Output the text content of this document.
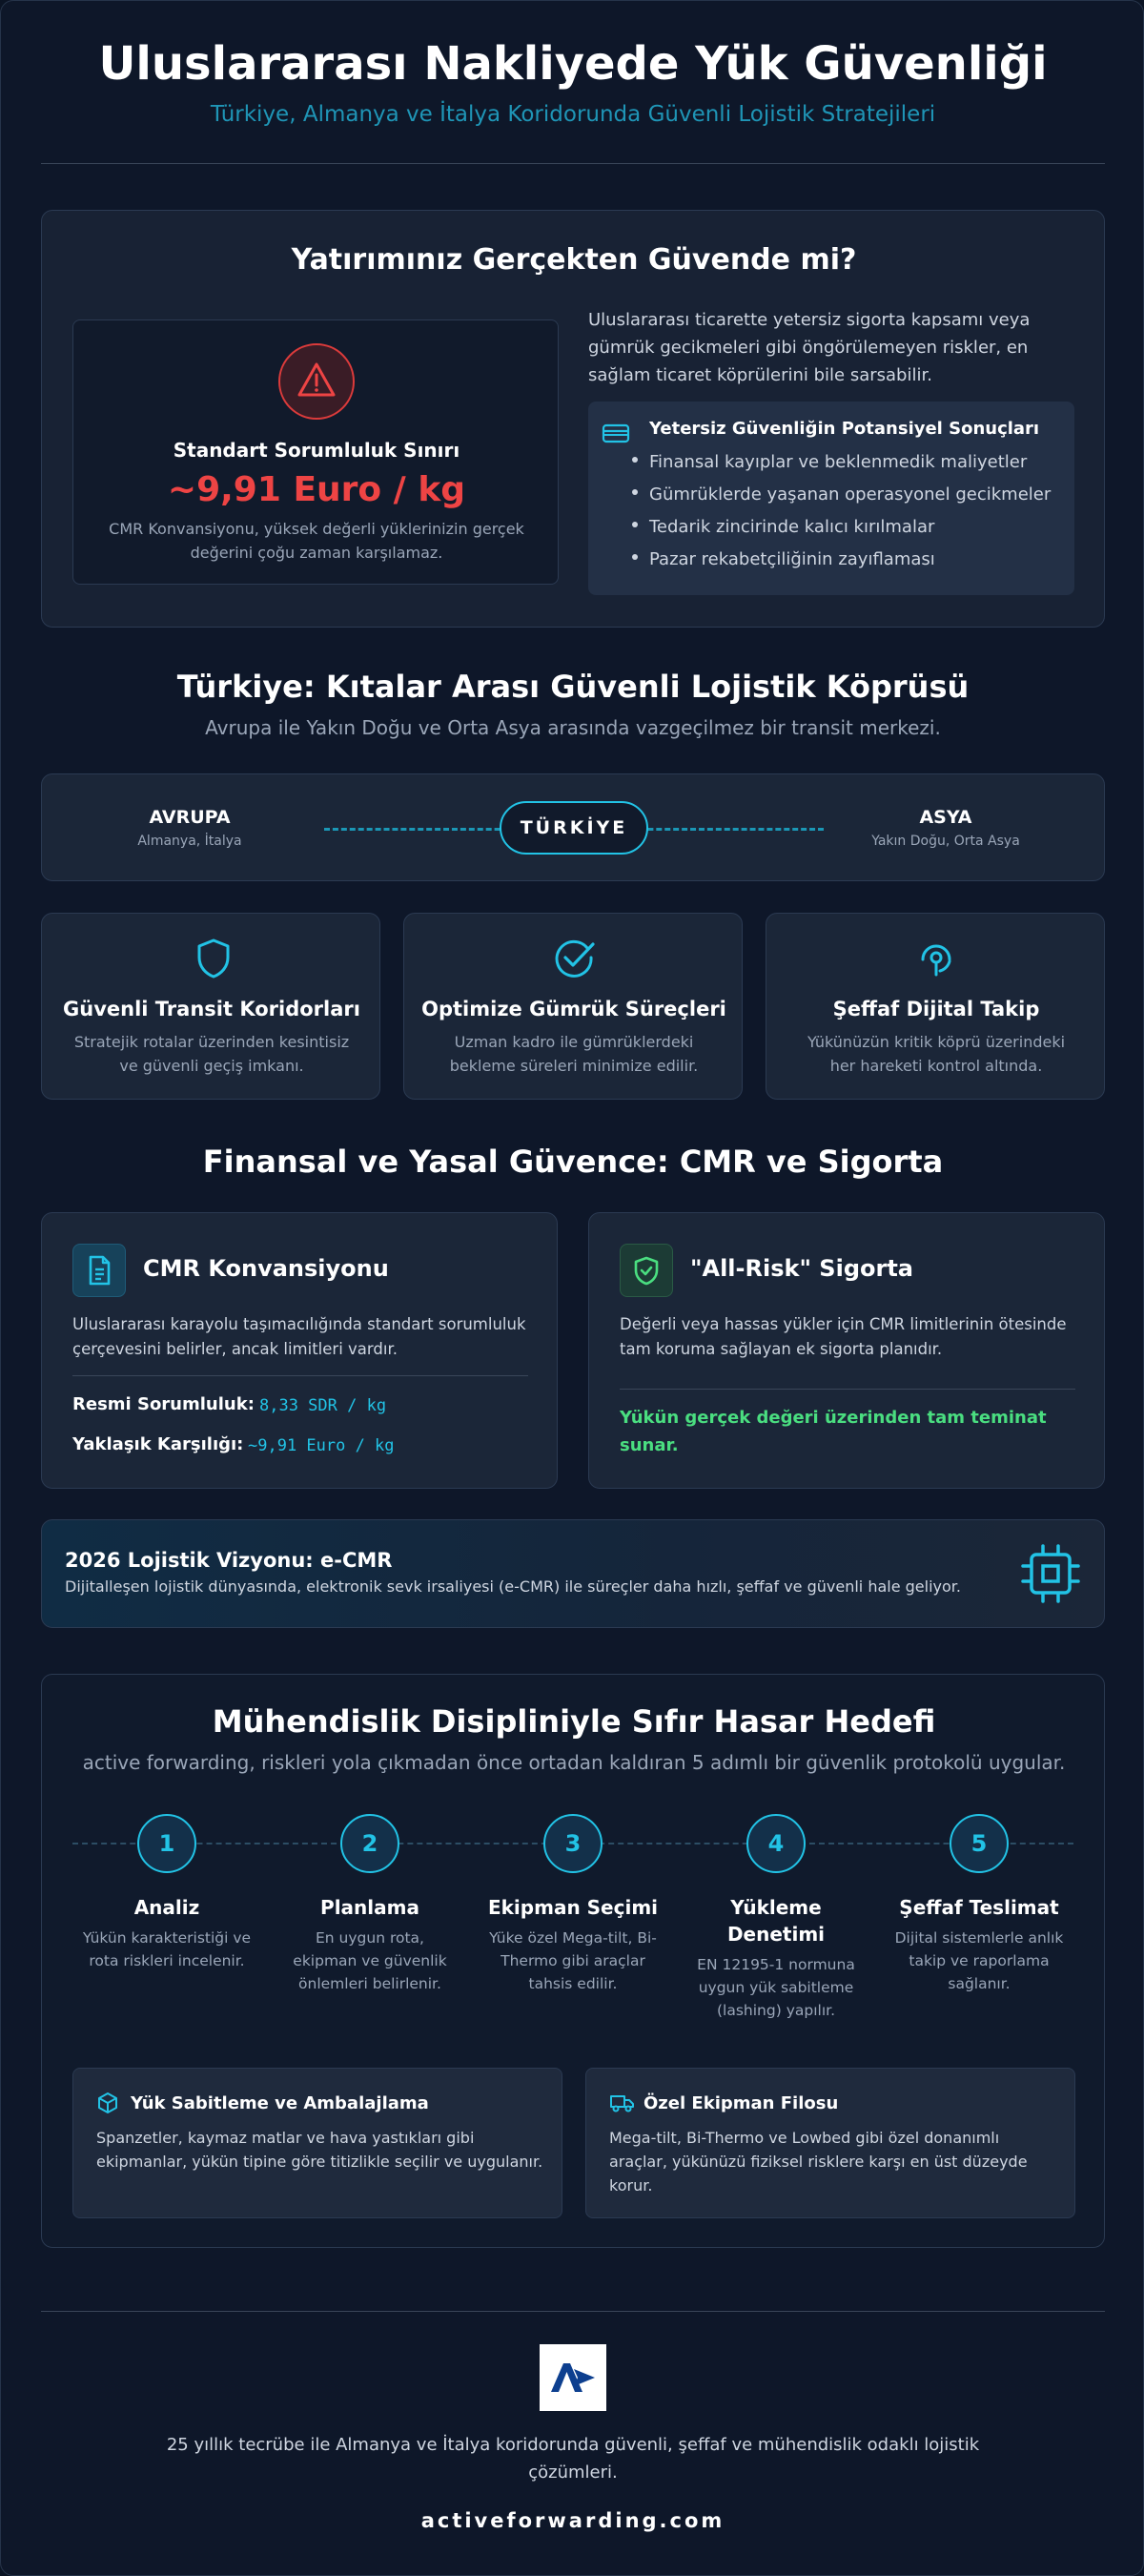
Uluslararası Nakliyede Yük Güvenliği
Türkiye, Almanya ve İtalya Koridorunda Güvenli Lojistik Stratejileri
Yatırımınız Gerçekten Güvende mi?
Standart Sorumluluk Sınırı
~9,91 Euro / kg
CMR Konvansiyonu, yüksek değerli yüklerinizin gerçek değerini çoğu zaman karşılamaz.
Uluslararası ticarette yetersiz sigorta kapsamı veya gümrük gecikmeleri gibi öngörülemeyen riskler, en sağlam ticaret köprülerini bile sarsabilir.
Yetersiz Güvenliğin Potansiyel Sonuçları
Finansal kayıplar ve beklenmedik maliyetler
Gümrüklerde yaşanan operasyonel gecikmeler
Tedarik zincirinde kalıcı kırılmalar
Pazar rekabetçiliğinin zayıflaması
Türkiye: Kıtalar Arası Güvenli Lojistik Köprüsü
Avrupa ile Yakın Doğu ve Orta Asya arasında vazgeçilmez bir transit merkezi.
AVRUPA
Almanya, İtalya
TÜRKİYE	ASYA
Yakın Doğu, Orta Asya
Güvenli Transit Koridorları
Stratejik rotalar üzerinden kesintisiz ve güvenli geçiş imkanı.
Optimize Gümrük Süreçleri
Uzman kadro ile gümrüklerdeki bekleme süreleri minimize edilir.
Şeffaf Dijital Takip
Yükünüzün kritik köprü üzerindeki her hareketi kontrol altında.
Finansal ve Yasal Güvence: CMR ve Sigorta
CMR Konvansiyonu
Uluslararası karayolu taşımacılığında standart sorumluluk çerçevesini belirler, ancak limitleri vardır.
Resmi Sorumluluk: 8,33 SDR / kg
Yaklaşık Karşılığı: ~9,91 Euro / kg
"All-Risk" Sigorta
Değerli veya hassas yükler için CMR limitlerinin ötesinde tam koruma sağlayan ek sigorta planıdır.
Yükün gerçek değeri üzerinden tam teminat sunar.
2026 Lojistik Vizyonu: e-CMR
Dijitalleşen lojistik dünyasında, elektronik sevk irsaliyesi (e-CMR) ile süreçler daha hızlı, şeffaf ve güvenli hale geliyor.
Mühendislik Disipliniyle Sıfır Hasar Hedefi
active forwarding, riskleri yola çıkmadan önce ortadan kaldıran 5 adımlı bir güvenlik protokolü uygular.
1
Analiz
Yükün karakteristiği ve rota riskleri incelenir.
2
Planlama
En uygun rota, ekipman ve güvenlik önlemleri belirlenir.
3
Ekipman Seçimi
Yüke özel Mega-tilt, Bi-Thermo gibi araçlar tahsis edilir.
4
Yükleme Denetimi
EN 12195-1 normuna uygun yük sabitleme (lashing) yapılır.
5
Şeffaf Teslimat
Dijital sistemlerle anlık takip ve raporlama sağlanır.
Yük Sabitleme ve Ambalajlama
Spanzetler, kaymaz matlar ve hava yastıkları gibi ekipmanlar, yükün tipine göre titizlikle seçilir ve uygulanır.
Özel Ekipman Filosu
Mega-tilt, Bi-Thermo ve Lowbed gibi özel donanımlı araçlar, yükünüzü fiziksel risklere karşı en üst düzeyde korur.
25 yıllık tecrübe ile Almanya ve İtalya koridorunda güvenli, şeffaf ve mühendislik odaklı lojistik çözümleri.
activeforwarding.com
